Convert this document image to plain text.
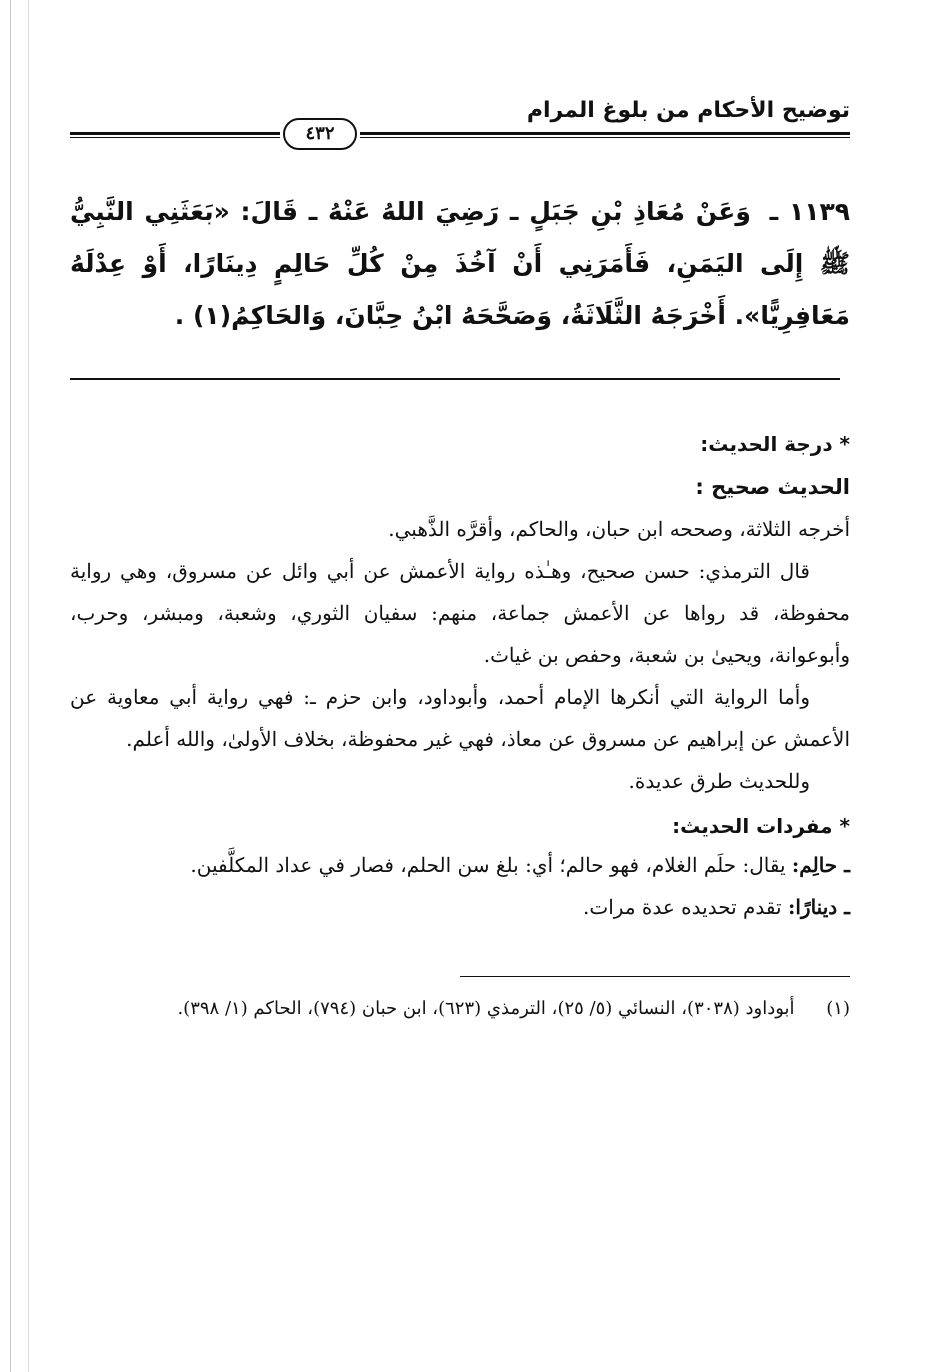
توضيح الأحكام من بلوغ المرام
٤٣٢
١١٣٩ ـ وَعَنْ مُعَاذِ بْنِ جَبَلٍ ـ رَضِيَ اللهُ عَنْهُ ـ قَالَ: «بَعَثَنِي النَّبِيُّ ﷺ إِلَى اليَمَنِ، فَأَمَرَنِي أَنْ آخُذَ مِنْ كُلِّ حَالِمٍ دِينَارًا، أَوْ عِدْلَهُ مَعَافِرِيًّا». أَخْرَجَهُ الثَّلَاثَةُ، وَصَحَّحَهُ ابْنُ حِبَّانَ، وَالحَاكِمُ(١) .
* درجة الحديث:
الحديث صحيح :

أخرجه الثلاثة، وصححه ابن حبان، والحاكم، وأقرَّه الذَّهبي.

قال الترمذي: حسن صحيح، وهـٰذه رواية الأعمش عن أبي وائل عن مسروق، وهي رواية محفوظة، قد رواها عن الأعمش جماعة، منهم: سفيان الثوري، وشعبة، ومبشر، وحرب، وأبوعوانة، ويحيىٰ بن شعبة، وحفص بن غياث.

وأما الرواية التي أنكرها الإمام أحمد، وأبوداود، وابن حزم ـ: فهي رواية أبي معاوية عن الأعمش عن إبراهيم عن مسروق عن معاذ، فهي غير محفوظة، بخلاف الأولىٰ، والله أعلم.

وللحديث طرق عديدة.

* مفردات الحديث:

ـ حالِم: يقال: حلَم الغلام، فهو حالم؛ أي: بلغ سن الحلم، فصار في عداد المكلَّفين.

ـ دينارًا: تقدم تحديده عدة مرات.

(١) أبوداود (٣٠٣٨)، النسائي (٥/ ٢٥)، الترمذي (٦٢٣)، ابن حبان (٧٩٤)، الحاكم (١/ ٣٩٨).
